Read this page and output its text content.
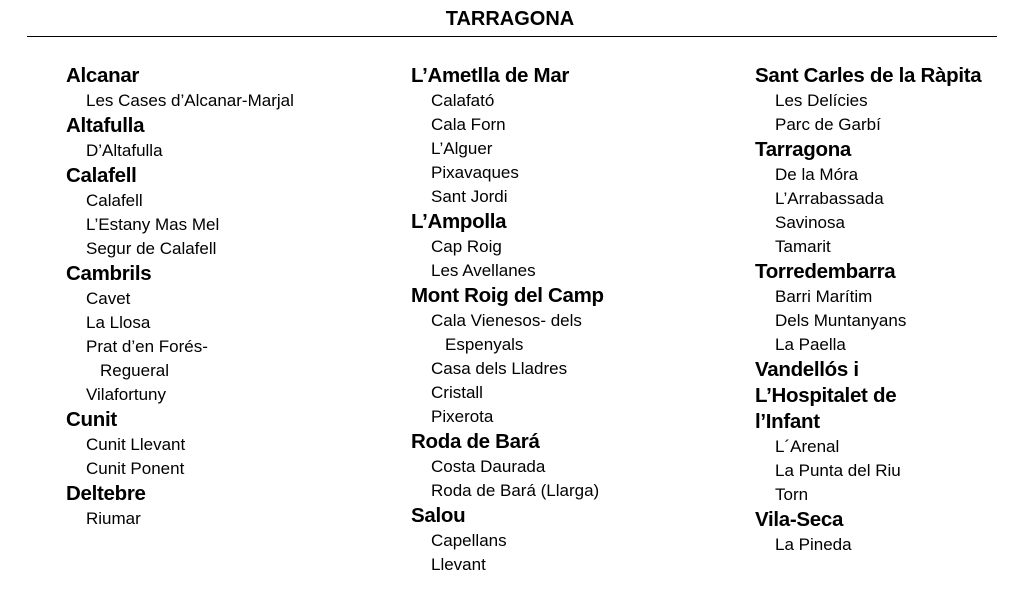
TARRAGONA
Alcanar
Les Cases d’Alcanar-Marjal
Altafulla
D’Altafulla
Calafell
Calafell
L’Estany Mas Mel
Segur de Calafell
Cambrils
Cavet
La Llosa
Prat d’en Forés-Regueral
Vilafortuny
Cunit
Cunit Llevant
Cunit Ponent
Deltebre
Riumar
L’Ametlla de Mar
Calafató
Cala Forn
L’Alguer
Pixavaques
Sant Jordi
L’Ampolla
Cap Roig
Les Avellanes
Mont Roig del Camp
Cala Vienesos- dels Espenyals
Casa dels Lladres
Cristall
Pixerota
Roda de Bará
Costa Daurada
Roda de Bará (Llarga)
Salou
Capellans
Llevant
Sant Carles de la Ràpita
Les Delícies
Parc de Garbí
Tarragona
De la Móra
L’Arrabassada
Savinosa
Tamarit
Torredembarra
Barri Marítim
Dels Muntanyans
La Paella
Vandellós i L’Hospitalet de l’Infant
L´Arenal
La Punta del Riu
Torn
Vila-Seca
La Pineda
